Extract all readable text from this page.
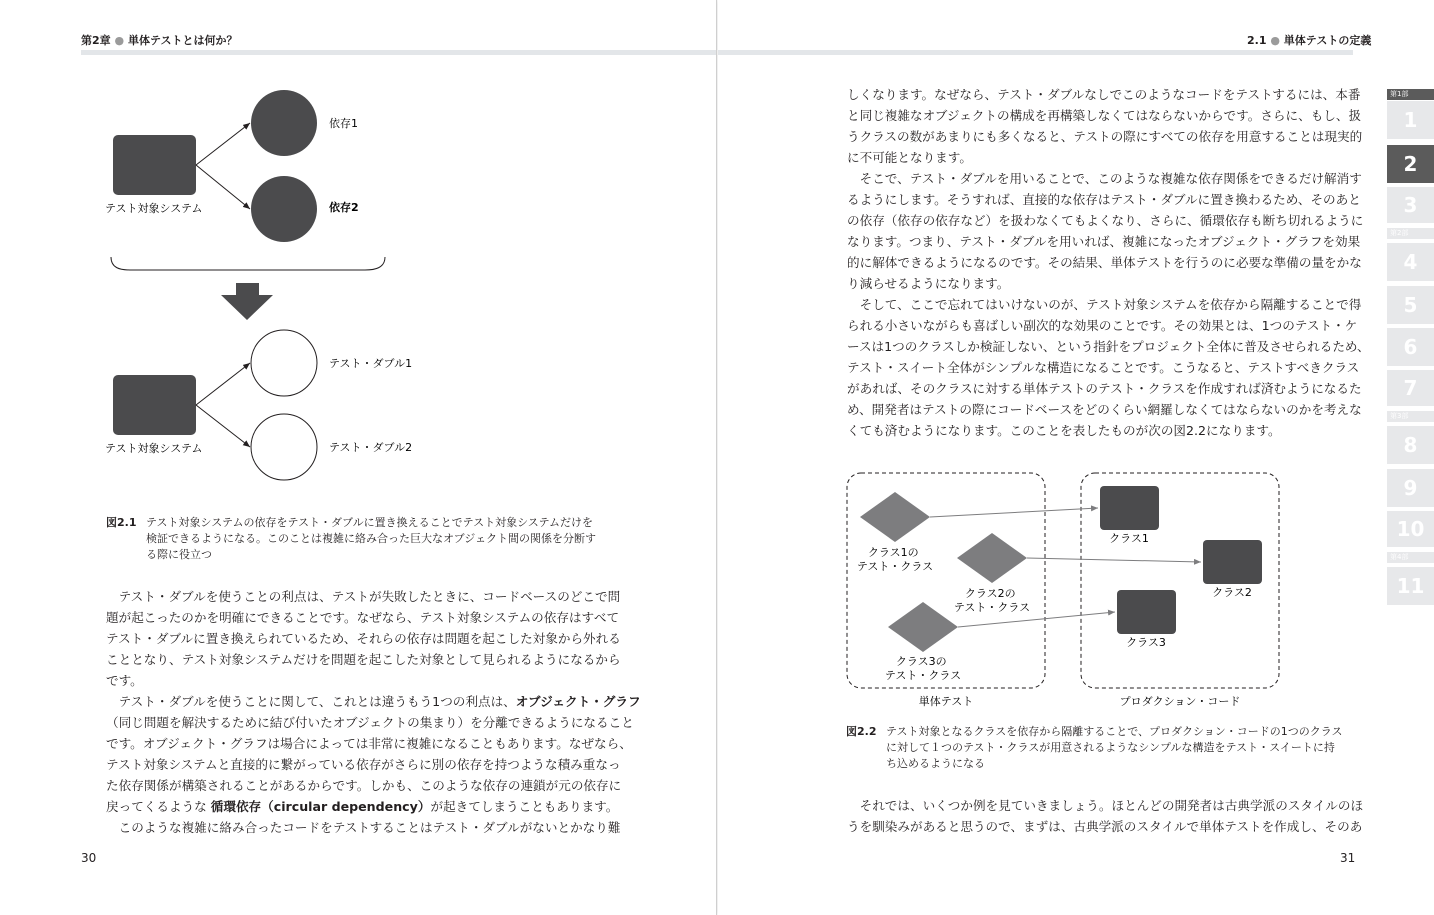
第2章 ● 単体テストとは何か？
テスト対象システム
依存1
依存2
テスト対象システム
テスト・ダブル1
テスト・ダブル2
図2.1 テスト対象システムの依存をテスト・ダブルに置き換えることでテスト対象システムだけを
検証できるようになる。このことは複雑に絡み合った巨大なオブジェクト間の関係を分断す
る際に役立つ

　テスト・ダブルを使うことの利点は、テストが失敗したときに、コードベースのどこで問

題が起こったのかを明確にできることです。なぜなら、テスト対象システムの依存はすべて

テスト・ダブルに置き換えられているため、それらの依存は問題を起こした対象から外れる

こととなり、テスト対象システムだけを問題を起こした対象として見られるようになるから

です。

　テスト・ダブルを使うことに関して、これとは違うもう1つの利点は、オブジェクト・グラフ

（同じ問題を解決するために結び付いたオブジェクトの集まり）を分離できるようになること

です。オブジェクト・グラフは場合によっては非常に複雑になることもあります。なぜなら、

テスト対象システムと直接的に繋がっている依存がさらに別の依存を持つような積み重なっ

た依存関係が構築されることがあるからです。しかも、このような依存の連鎖が元の依存に

戻ってくるような 循環依存（circular dependency）が起きてしまうこともあります。

　このような複雑に絡み合ったコードをテストすることはテスト・ダブルがないとかなり難

30
2.1 ● 単体テストの定義

しくなります。なぜなら、テスト・ダブルなしでこのようなコードをテストするには、本番

と同じ複雑なオブジェクトの構成を再構築しなくてはならないからです。さらに、もし、扱

うクラスの数があまりにも多くなると、テストの際にすべての依存を用意することは現実的

に不可能となります。

　そこで、テスト・ダブルを用いることで、このような複雑な依存関係をできるだけ解消す

るようにします。そうすれば、直接的な依存はテスト・ダブルに置き換わるため、そのあと

の依存（依存の依存など）を扱わなくてもよくなり、さらに、循環依存も断ち切れるように

なります。つまり、テスト・ダブルを用いれば、複雑になったオブジェクト・グラフを効果

的に解体できるようになるのです。その結果、単体テストを行うのに必要な準備の量をかな

り減らせるようになります。

　そして、ここで忘れてはいけないのが、テスト対象システムを依存から隔離することで得

られる小さいながらも喜ばしい副次的な効果のことです。その効果とは、1つのテスト・ケ

ースは1つのクラスしか検証しない、という指針をプロジェクト全体に普及させられるため、

テスト・スイート全体がシンプルな構造になることです。こうなると、テストすべきクラス

があれば、そのクラスに対する単体テストのテスト・クラスを作成すれば済むようになるた

め、開発者はテストの際にコードベースをどのくらい網羅しなくてはならないのかを考えな

くても済むようになります。このことを表したものが次の図2.2になります。

単体テスト	プロダクション・コード
クラス1の テスト・クラス
クラス2の テスト・クラス
クラス3の テスト・クラス
クラス1
クラス2
クラス3
図2.2 テスト対象となるクラスを依存から隔離することで、プロダクション・コードの1つのクラス
に対して１つのテスト・クラスが用意されるようなシンプルな構造をテスト・スイートに持
ち込めるようになる

　それでは、いくつか例を見ていきましょう。ほとんどの開発者は古典学派のスタイルのほ

うを馴染みがあると思うので、まずは、古典学派のスタイルで単体テストを作成し、そのあ

31
第1部
1
2
3
第2部
4
5
6
7
第3部
8
9
10
第4部
11
